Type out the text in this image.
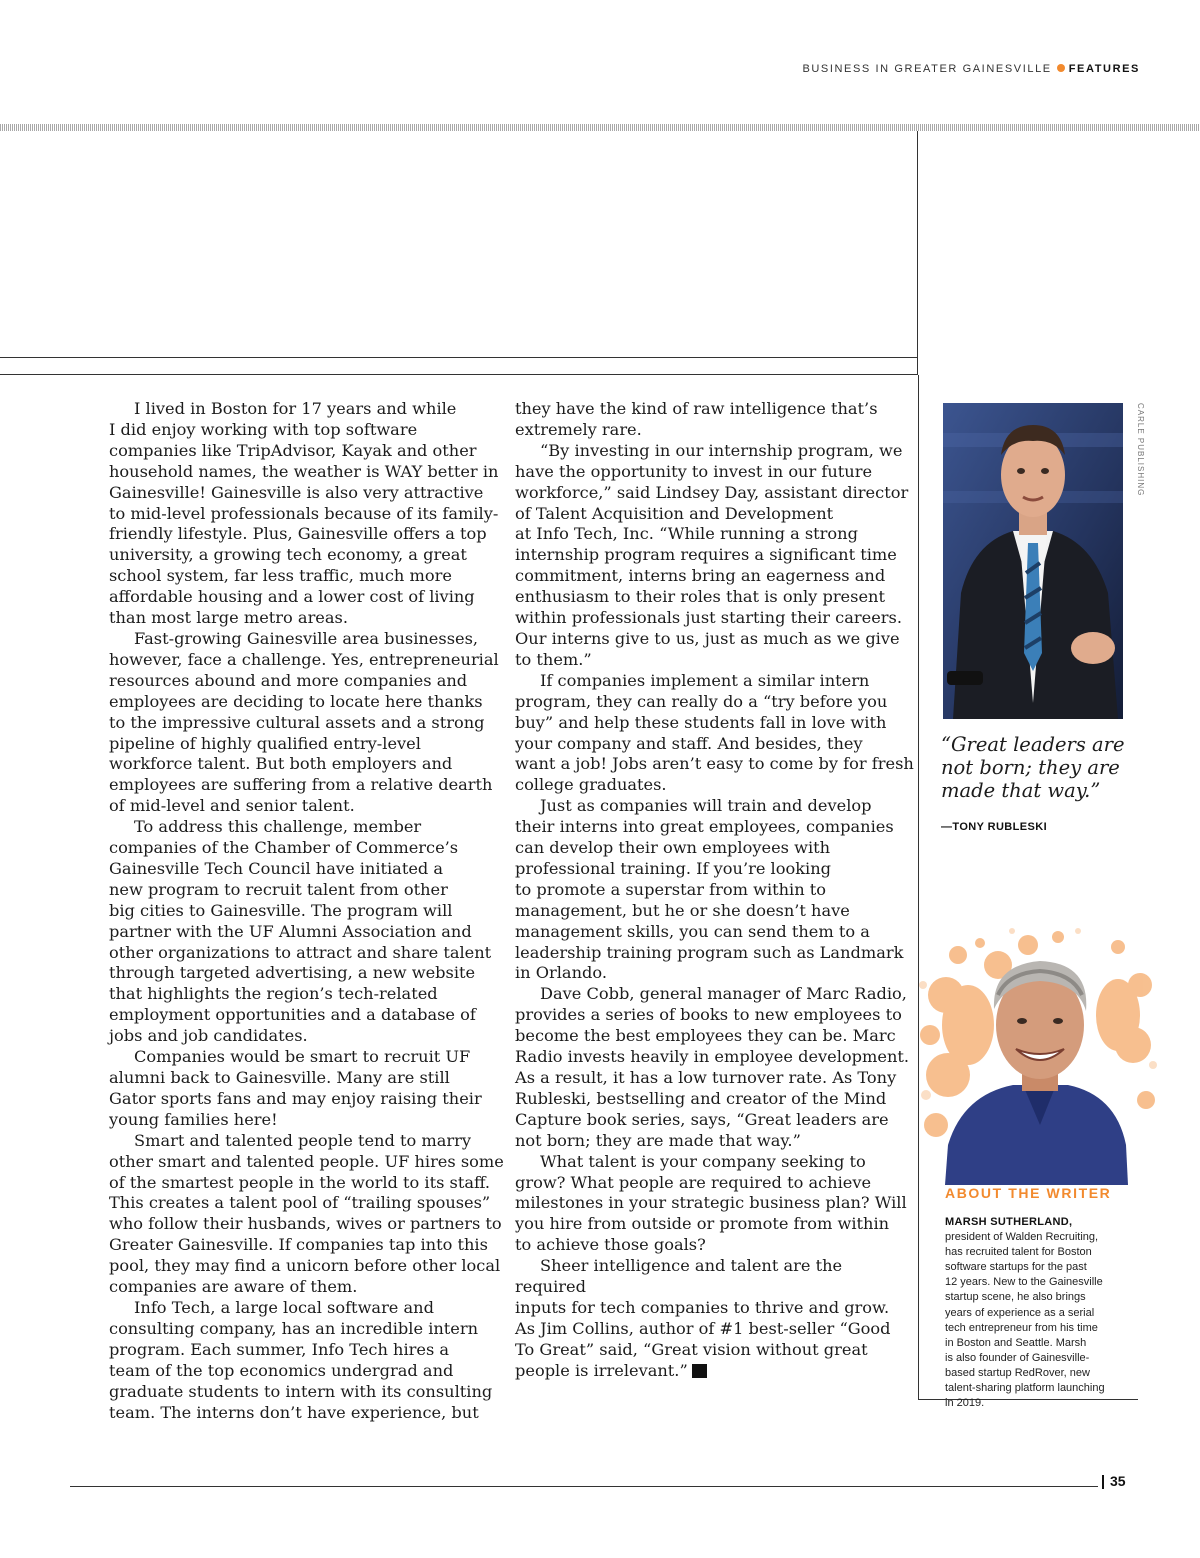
BUSINESS IN GREATER GAINESVILLE FEATURES

I lived in Boston for 17 years and while
I did enjoy working with top software
companies like TripAdvisor, Kayak and other
household names, the weather is WAY better in
Gainesville! Gainesville is also very attractive
to mid-level professionals because of its family-
friendly lifestyle. Plus, Gainesville offers a top
university, a growing tech economy, a great
school system, far less traffic, much more
affordable housing and a lower cost of living
than most large metro areas.

Fast-growing Gainesville area businesses,
however, face a challenge. Yes, entrepreneurial
resources abound and more companies and
employees are deciding to locate here thanks
to the impressive cultural assets and a strong
pipeline of highly qualified entry-level
workforce talent. But both employers and
employees are suffering from a relative dearth
of mid-level and senior talent.

To address this challenge, member
companies of the Chamber of Commerce’s
Gainesville Tech Council have initiated a
new program to recruit talent from other
big cities to Gainesville. The program will
partner with the UF Alumni Association and
other organizations to attract and share talent
through targeted advertising, a new website
that highlights the region’s tech-related
employment opportunities and a database of
jobs and job candidates.

Companies would be smart to recruit UF
alumni back to Gainesville. Many are still
Gator sports fans and may enjoy raising their
young families here!

Smart and talented people tend to marry
other smart and talented people. UF hires some
of the smartest people in the world to its staff.
This creates a talent pool of “trailing spouses”
who follow their husbands, wives or partners to
Greater Gainesville. If companies tap into this
pool, they may find a unicorn before other local
companies are aware of them.

Info Tech, a large local software and
consulting company, has an incredible intern
program. Each summer, Info Tech hires a
team of the top economics undergrad and
graduate students to intern with its consulting
team. The interns don’t have experience, but

they have the kind of raw intelligence that’s
extremely rare.

“By investing in our internship program, we
have the opportunity to invest in our future
workforce,” said Lindsey Day, assistant director
of Talent Acquisition and Development
at Info Tech, Inc. “While running a strong
internship program requires a significant time
commitment, interns bring an eagerness and
enthusiasm to their roles that is only present
within professionals just starting their careers.
Our interns give to us, just as much as we give
to them.”

If companies implement a similar intern
program, they can really do a “try before you
buy” and help these students fall in love with
your company and staff. And besides, they
want a job! Jobs aren’t easy to come by for fresh
college graduates.

Just as companies will train and develop
their interns into great employees, companies
can develop their own employees with
professional training. If you’re looking
to promote a superstar from within to
management, but he or she doesn’t have
management skills, you can send them to a
leadership training program such as Landmark
in Orlando.

Dave Cobb, general manager of Marc Radio,
provides a series of books to new employees to
become the best employees they can be. Marc
Radio invests heavily in employee development.
As a result, it has a low turnover rate. As Tony
Rubleski, bestselling and creator of the Mind
Capture book series, says, “Great leaders are
not born; they are made that way.”

What talent is your company seeking to
grow? What people are required to achieve
milestones in your strategic business plan? Will
you hire from outside or promote from within
to achieve those goals?

Sheer intelligence and talent are the required
inputs for tech companies to thrive and grow.
As Jim Collins, author of #1 best-seller “Good
To Great” said, “Great vision without great
people is irrelevant.” B

CARLE PUBLISHING
“Great leaders are
not born; they are
made that way.”
—TONY RUBLESKI
ABOUT THE WRITER
MARSH SUTHERLAND,
president of Walden Recruiting,
has recruited talent for Boston
software startups for the past
12 years. New to the Gainesville
startup scene, he also brings
years of experience as a serial
tech entrepreneur from his time
in Boston and Seattle. Marsh
is also founder of Gainesville-
based startup RedRover, new
talent-sharing platform launching
in 2019.
35
